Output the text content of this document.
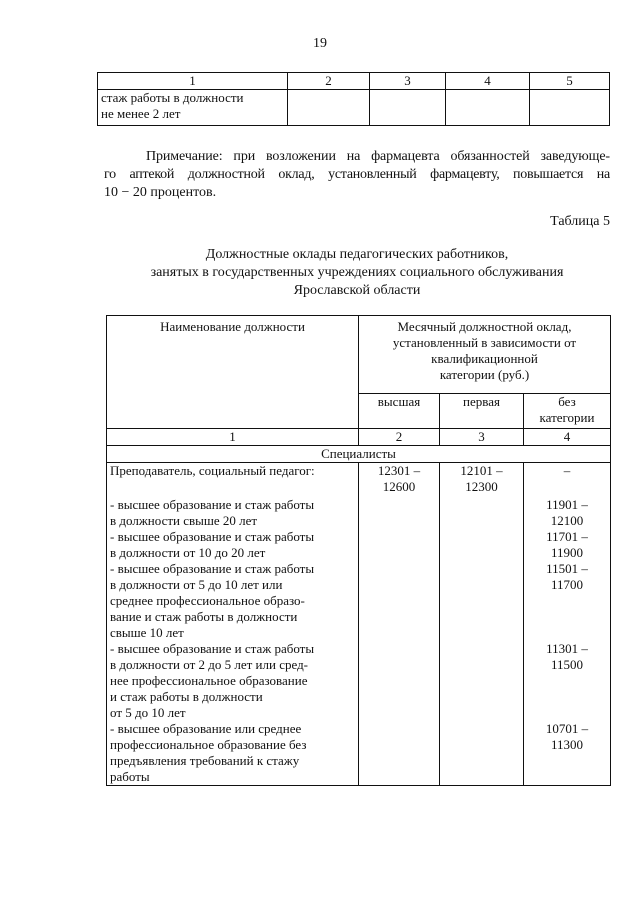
19
1	2	3	4	5
стаж работы в должности
не менее 2 лет				
Примечание: при возложении на фармацевта обязанностей заведующе-
го аптекой должностной оклад, установленный фармацевту, повышается на
10 − 20 процентов.
Таблица 5
Должностные оклады педагогических работников,
занятых в государственных учреждениях социального обслуживания
Ярославской области
Наименование должности	Месячный должностной оклад,
установленный в зависимости от
квалификационной
категории (руб.)		
	высшая	первая	без
категории
1	2	3	4
Специалисты			
Преподаватель, социальный педагог:	12301 –
12600	12101 –
12300	–
- высшее образование и стаж работы
в должности свыше 20 лет			11901 –
12100
- высшее образование и стаж работы
в должности от 10 до 20 лет			11701 –
11900
- высшее образование и стаж работы
в должности от 5 до 10 лет или
среднее профессиональное образо-
вание и стаж работы в должности
свыше 10 лет			11501 –
11700
- высшее образование и стаж работы
в должности от 2 до 5 лет или сред-
нее профессиональное образование
и стаж работы в должности
от 5 до 10 лет			11301 –
11500
- высшее образование или среднее
профессиональное образование без
предъявления требований к стажу
работы			10701 –
11300
